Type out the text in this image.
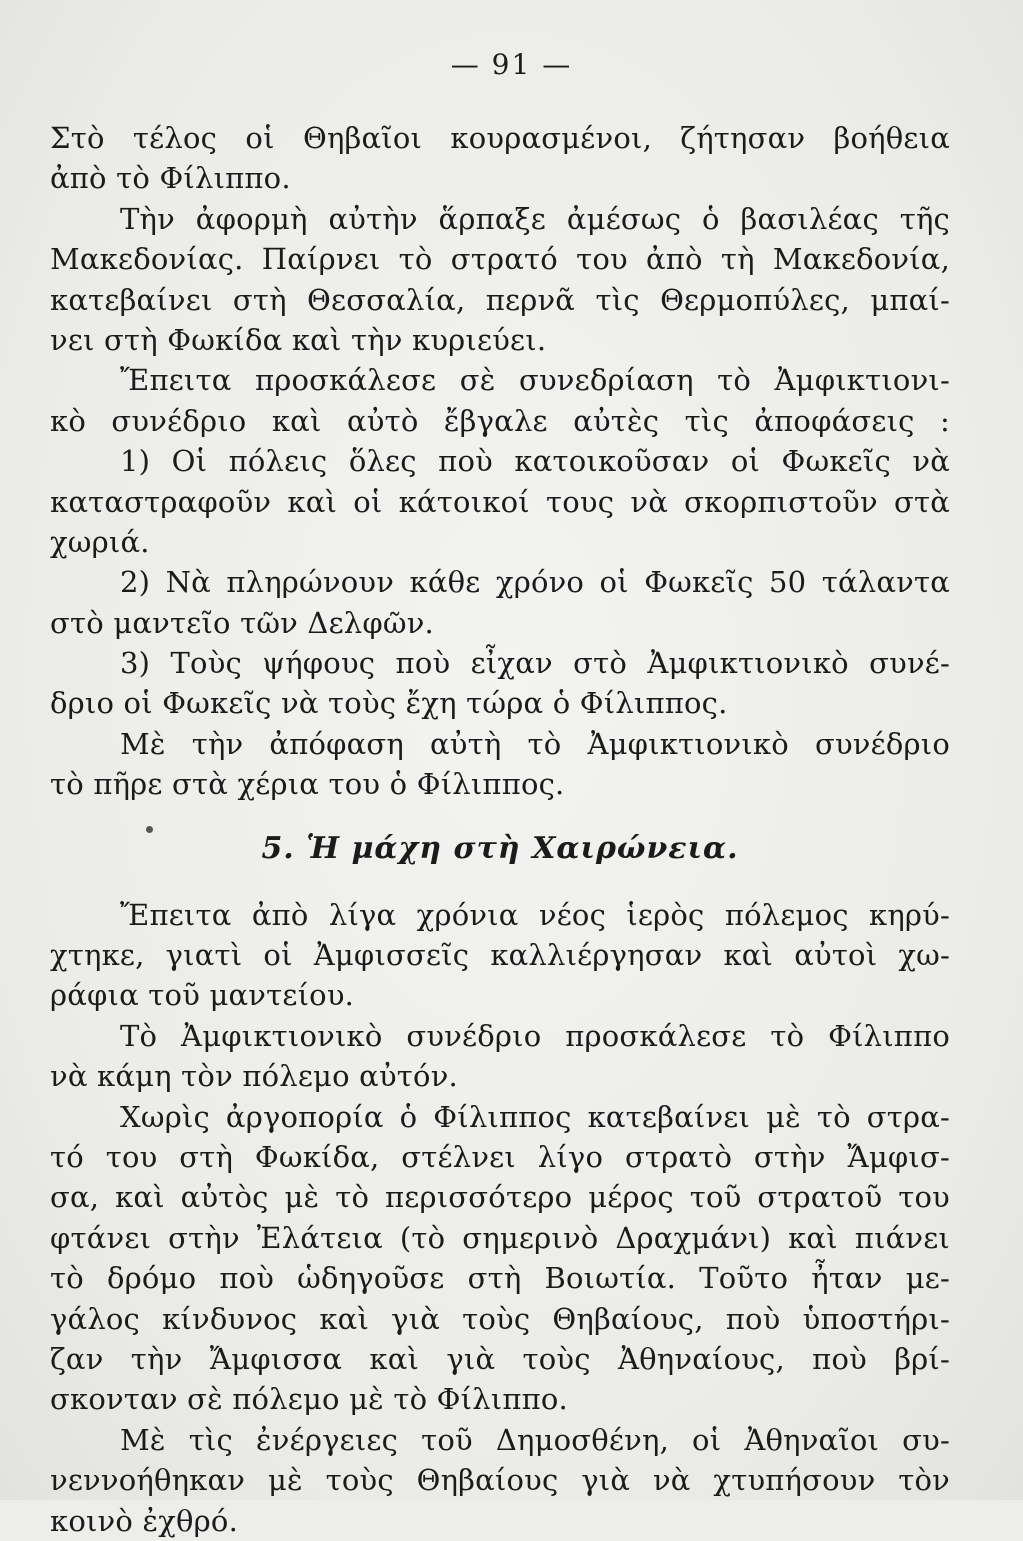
— 91 —
Στὸ τέλος οἱ Θηβαῖοι κουρασμένοι, ζήτησαν βοήθεια
ἀπὸ τὸ Φίλιππο.
Τὴν ἀφορμὴ αὐτὴν ἅρπαξε ἀμέσως ὁ βασιλέας τῆς
Μακεδονίας. Παίρνει τὸ στρατό του ἀπὸ τὴ Μακεδονία,
κατεβαίνει στὴ Θεσσαλία, περνᾶ τὶς Θερμοπύλες, μπαί-
νει στὴ Φωκίδα καὶ τὴν κυριεύει.
Ἔπειτα προσκάλεσε σὲ συνεδρίαση τὸ Ἀμφικτιονι-
κὸ συνέδριο καὶ αὐτὸ ἔβγαλε αὐτὲς τὶς ἀποφάσεις :
1) Οἱ πόλεις ὅλες ποὺ κατοικοῦσαν οἱ Φωκεῖς νὰ
καταστραφοῦν καὶ οἱ κάτοικοί τους νὰ σκορπιστοῦν στὰ
χωριά.
2) Νὰ πληρώνουν κάθε χρόνο οἱ Φωκεῖς 50 τάλαντα
στὸ μαντεῖο τῶν Δελφῶν.
3) Τοὺς ψήφους ποὺ εἶχαν στὸ Ἀμφικτιονικὸ συνέ-
δριο οἱ Φωκεῖς νὰ τοὺς ἔχη τώρα ὁ Φίλιππος.
Μὲ τὴν ἀπόφαση αὐτὴ τὸ Ἀμφικτιονικὸ συνέδριο
τὸ πῆρε στὰ χέρια του ὁ Φίλιππος.
5. Ἡ μάχη στὴ Χαιρώνεια.
Ἔπειτα ἀπὸ λίγα χρόνια νέος ἱερὸς πόλεμος κηρύ-
χτηκε, γιατὶ οἱ Ἀμφισσεῖς καλλιέργησαν καὶ αὐτοὶ χω-
ράφια τοῦ μαντείου.
Τὸ Ἀμφικτιονικὸ συνέδριο προσκάλεσε τὸ Φίλιππο
νὰ κάμη τὸν πόλεμο αὐτόν.
Χωρὶς ἀργοπορία ὁ Φίλιππος κατεβαίνει μὲ τὸ στρα-
τό του στὴ Φωκίδα, στέλνει λίγο στρατὸ στὴν Ἄμφισ-
σα, καὶ αὐτὸς μὲ τὸ περισσότερο μέρος τοῦ στρατοῦ του
φτάνει στὴν Ἐλάτεια (τὸ σημερινὸ Δραχμάνι) καὶ πιάνει
τὸ δρόμο ποὺ ὡδηγοῦσε στὴ Βοιωτία. Τοῦτο ἦταν με-
γάλος κίνδυνος καὶ γιὰ τοὺς Θηβαίους, ποὺ ὑποστήρι-
ζαν τὴν Ἄμφισσα καὶ γιὰ τοὺς Ἀθηναίους, ποὺ βρί-
σκονταν σὲ πόλεμο μὲ τὸ Φίλιππο.
Μὲ τὶς ἐνέργειες τοῦ Δημοσθένη, οἱ Ἀθηναῖοι συ-
νεννοήθηκαν μὲ τοὺς Θηβαίους γιὰ νὰ χτυπήσουν τὸν
κοινὸ ἐχθρό.
